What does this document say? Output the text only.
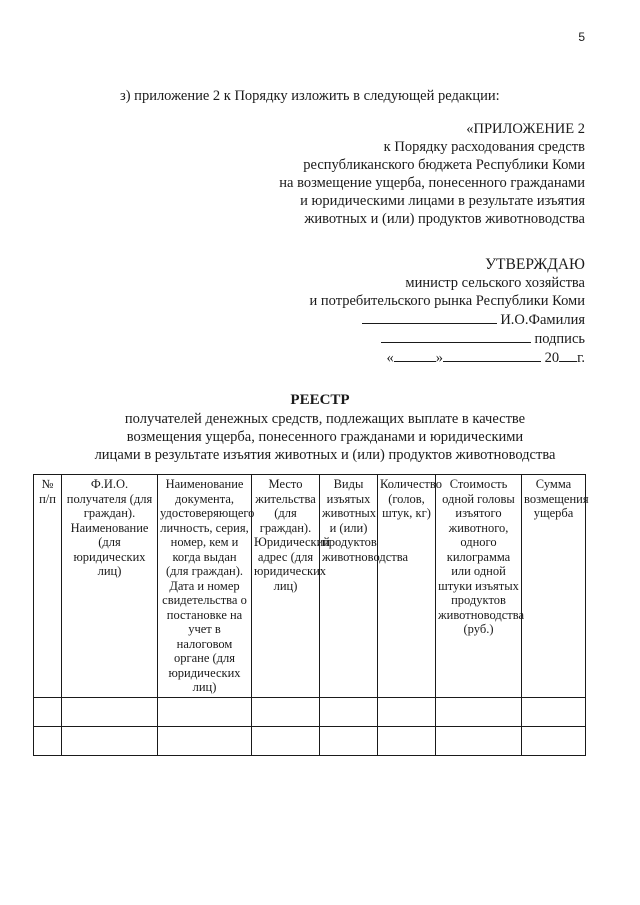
5
з) приложение 2 к Порядку изложить в следующей редакции:
«ПРИЛОЖЕНИЕ 2
к Порядку расходования средств
республиканского бюджета Республики Коми
на возмещение ущерба, понесенного гражданами
и юридическими лицами в результате изъятия
животных и (или) продуктов животноводства
УТВЕРЖДАЮ
министр сельского хозяйства
и потребительского рынка Республики Коми
И.О.Фамилия
подпись
«	»	20 г.
РЕЕСТР
получателей денежных средств, подлежащих выплате в качестве
возмещения ущерба, понесенного гражданами и юридическими
лицами в результате изъятия животных и (или) продуктов животноводства
№ п/п	Ф.И.О. получателя (для граждан). Наименование (для юридических лиц)	Наименование документа, удостоверяющего личность, серия, номер, кем и когда выдан (для граждан). Дата и номер свидетельства о постановке на учет в налоговом органе (для юридических лиц)	Место жительства (для граждан). Юридический адрес (для юридических лиц)	Виды изъятых животных и (или) продуктов животноводства	Количество (голов, штук, кг)	Стоимость одной головы изъятого животного, одного килограмма или одной штуки изъятых продуктов животноводства (руб.)	Сумма возмещения ущерба
